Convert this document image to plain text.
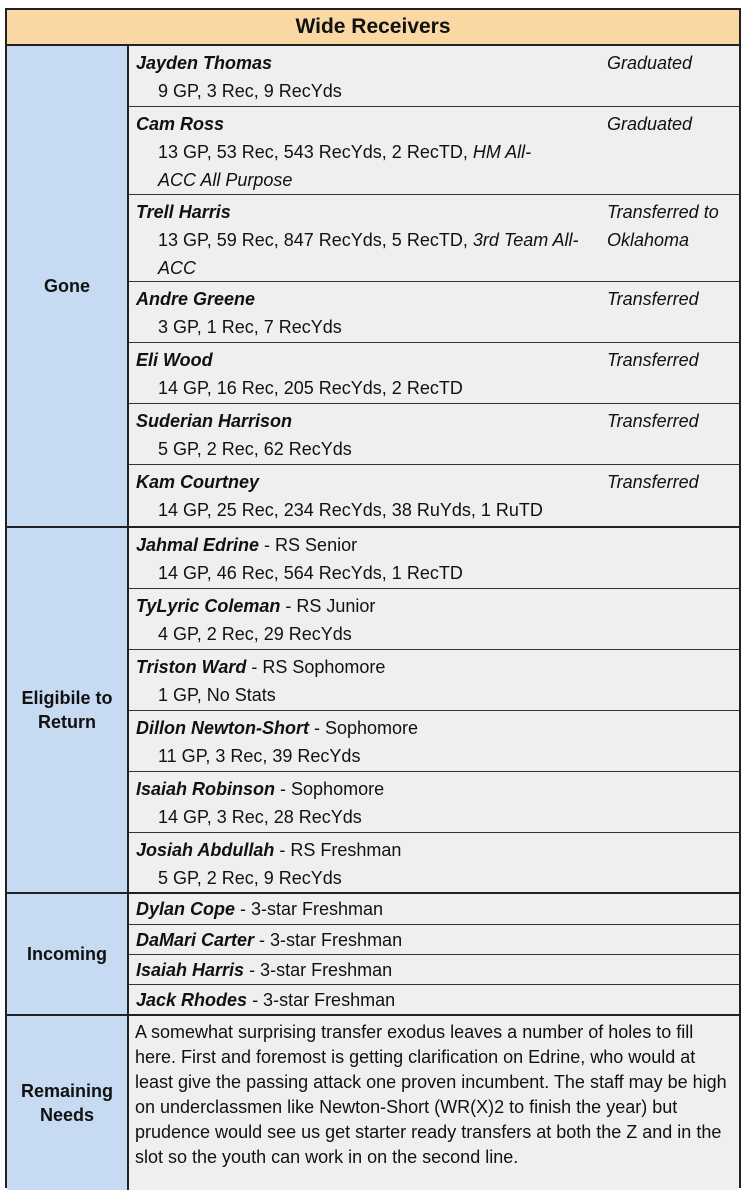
Wide Receivers
Gone
Jayden Thomas
9 GP, 3 Rec, 9 RecYds
Graduated
Cam Ross
13 GP, 53 Rec, 543 RecYds, 2 RecTD, HM All-ACC All Purpose
Graduated
Trell Harris
13 GP, 59 Rec, 847 RecYds, 5 RecTD, 3rd Team All-ACC
Transferred to Oklahoma
Andre Greene
3 GP, 1 Rec, 7 RecYds
Transferred
Eli Wood
14 GP, 16 Rec, 205 RecYds, 2 RecTD
Transferred
Suderian Harrison
5 GP, 2 Rec, 62 RecYds
Transferred
Kam Courtney
14 GP, 25 Rec, 234 RecYds, 38 RuYds, 1 RuTD
Transferred
Eligibile to Return
Jahmal Edrine - RS Senior
14 GP, 46 Rec, 564 RecYds, 1 RecTD
TyLyric Coleman - RS Junior
4 GP, 2 Rec, 29 RecYds
Triston Ward - RS Sophomore
1 GP, No Stats
Dillon Newton-Short - Sophomore
11 GP, 3 Rec, 39 RecYds
Isaiah Robinson - Sophomore
14 GP, 3 Rec, 28 RecYds
Josiah Abdullah - RS Freshman
5 GP, 2 Rec, 9 RecYds
Incoming
Dylan Cope - 3-star Freshman
DaMari Carter - 3-star Freshman
Isaiah Harris - 3-star Freshman
Jack Rhodes - 3-star Freshman
Remaining Needs
A somewhat surprising transfer exodus leaves a number of holes to fill here. First and foremost is getting clarification on Edrine, who would at least give the passing attack one proven incumbent. The staff may be high on underclassmen like Newton-Short (WR(X)2 to finish the year) but prudence would see us get starter ready transfers at both the Z and in the slot so the youth can work in on the second line.
